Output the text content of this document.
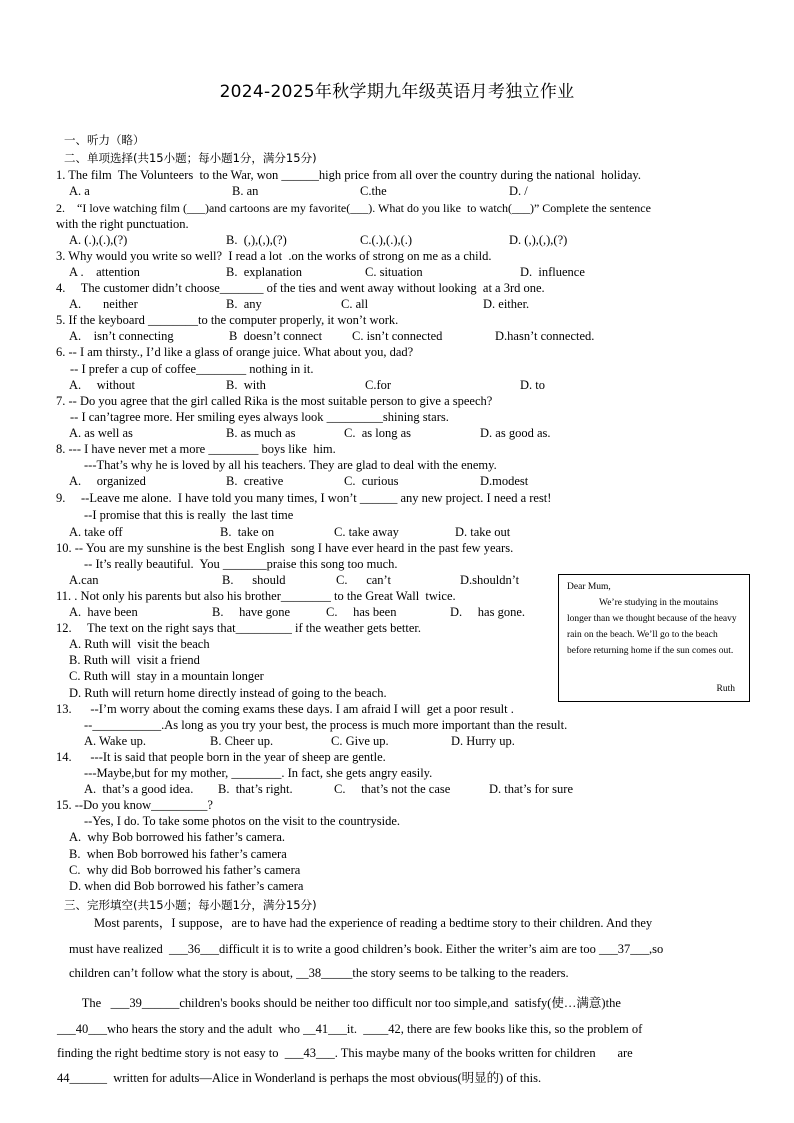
2024-2025年秋学期九年级英语月考独立作业
一、听力（略）
二、单项选择(共15小题；每小题1分，满分15分)
1. The film  The Volunteers  to the War, won ______high price from all over the country during the national  holiday.
A. a	B. an	C.the	D. /
2.    “I love watching film (___)and cartoons are my favorite(___). What do you like  to watch(___)” Complete the sentence
with the right punctuation.
A. (.),(.),(?)	B.  (,),(,),(?)	C.(.),(.),(.)	D. (,),(,),(?)
3. Why would you write so well?  I read a lot  .on the works of strong on me as a child.
A .    attention	B.  explanation	C. situation	D.  influence
4.     The customer didn’t choose_______ of the ties and went away without looking  at a 3rd one.
A.       neither	B.  any	C. all	D. either.
5. If the keyboard ________to the computer properly, it won’t work.
A.    isn’t connecting	B  doesn’t connect C. isn’t connected	D.hasn’t connected.
6. -- I am thirsty., I’d like a glass of orange juice. What about you, dad?
-- I prefer a cup of coffee________ nothing in it.
A.     without	B.  with	C.for	D. to
7. -- Do you agree that the girl called Rika is the most suitable person to give a speech?
-- I can’tagree more. Her smiling eyes always look _________shining stars.
A. as well as	B. as much as	C.  as long as	D. as good as.
8. --- I have never met a more ________ boys like  him.
---That’s why he is loved by all his teachers. They are glad to deal with the enemy.
A.     organized	B.  creative	C.  curious	D.modest
9.     --Leave me alone.  I have told you many times, I won’t ______ any new project. I need a rest!
--I promise that this is really  the last time
A. take off	B.  take on	C. take away	D. take out
10. -- You are my sunshine is the best English  song I have ever heard in the past few years.
-- It’s really beautiful.  You _______praise this song too much.
A.can	B.      should	C.      can’t	D.shouldn’t
11. . Not only his parents but also his brother________ to the Great Wall  twice.
A.  have been	B.     have gone	C.     has been	D.     has gone.
12.     The text on the right says that_________ if the weather gets better.
A. Ruth will  visit the beach
B. Ruth will  visit a friend
C. Ruth will  stay in a mountain longer
D. Ruth will return home directly instead of going to the beach.

Dear Mum,

We’re studying in the moutains longer than we thought because of the heavy rain on the beach. We’ll go to the beach before returning home if the sun comes out.

Ruth
13.      --I’m worry about the coming exams these days. I am afraid I will  get a poor result .
--___________.As long as you try your best, the process is much more important than the result.
A. Wake up.	B. Cheer up.	C. Give up.	D. Hurry up.
14.      ---It is said that people born in the year of sheep are gentle.
---Maybe,but for my mother, ________. In fact, she gets angry easily.
A.  that’s a good idea. B.  that’s right.	C.     that’s not the case	D. that’s for sure
15. --Do you know_________?
--Yes, I do. To take some photos on the visit to the countryside.
A.  why Bob borrowed his father’s camera.
B.  when Bob borrowed his father’s camera
C.  why did Bob borrowed his father’s camera
D. when did Bob borrowed his father’s camera
三、完形填空(共15小题；每小题1分，满分15分)
Most parents，I suppose，are to have had the experience of reading a bedtime story to their children. And they
must have realized  ___36___difficult it is to write a good children’s book. Either the writer’s aim are too ___37___,so
children can’t follow what the story is about, __38_____the story seems to be talking to the readers.
The   ___39______children's books should be neither too difficult nor too simple,and  satisfy(使…满意)the
___40___who hears the story and the adult  who __41___it.  ____42, there are few books like this, so the problem of
finding the right bedtime story is not easy to  ___43___. This maybe many of the books written for children       are
44______  written for adults—Alice in Wonderland is perhaps the most obvious(明显的) of this.
